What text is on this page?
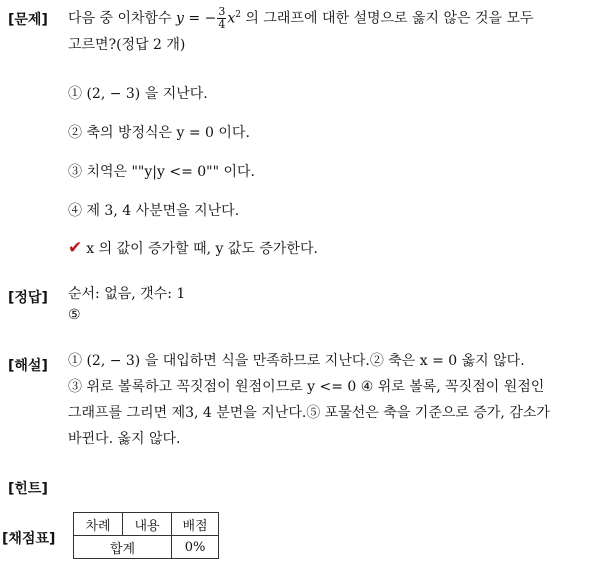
[문제] 다음 중 이차함수 y = − $\frac{3}{4} x^2$ 의 그래프에 대한 설명으로 옳지 않은 것을 모두
고르면?(정답 2 개)
① (2, − 3) 을 지난다.
② 축의 방정식은 y = 0 이다.
③ 치역은 ""y|y <= 0"" 이다.
④ 제 3, 4 사분면을 지난다.
✔ x 의 값이 증가할 때, y 값도 증가한다.
[정답] 순서: 없음, 갯수: 1
⑤
[해설] ① (2, − 3) 을 대입하면 식을 만족하므로 지난다.② 축은 x = 0 옳지 않다.
③ 위로 볼록하고 꼭짓점이 원점이므로 y <= 0 ④ 위로 볼록, 꼭짓점이 원점인
그래프를 그리면 제3, 4 분면을 지난다.⑤ 포물선은 축을 기준으로 증가, 감소가
바뀐다. 옳지 않다.
[힌트]
[채점표]
차례	내용	배점
합계		0%
